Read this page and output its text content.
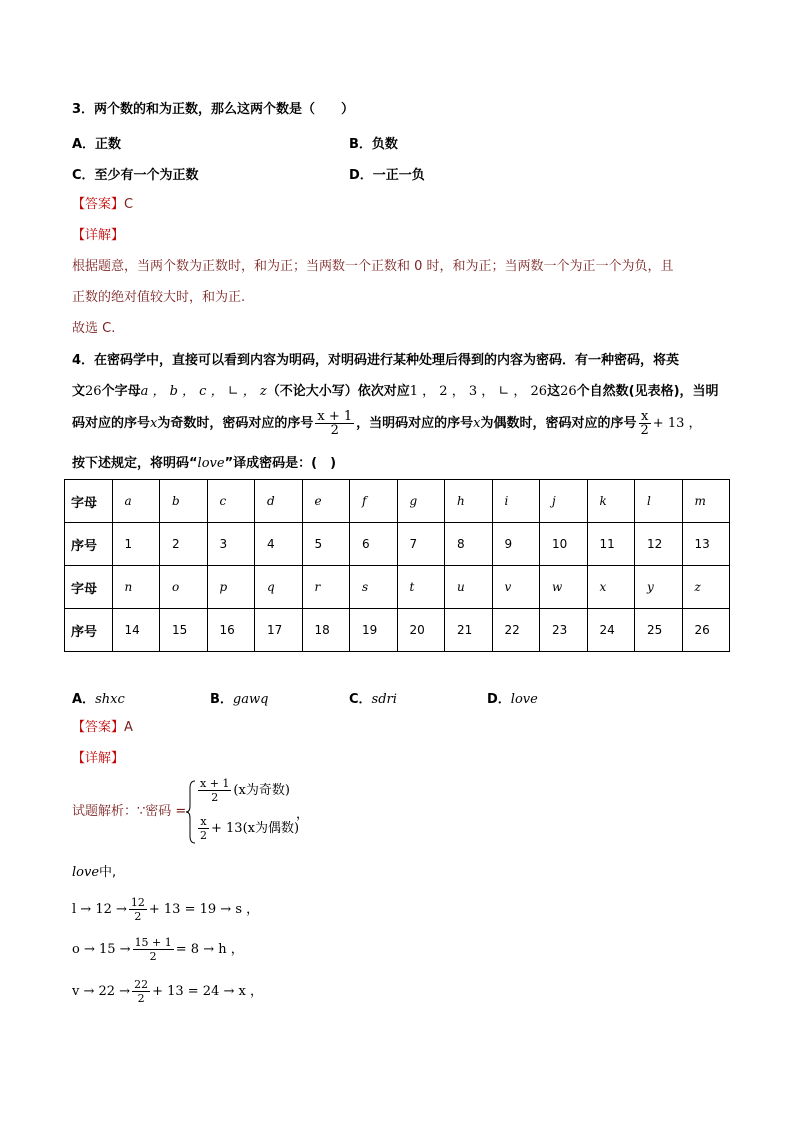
3．两个数的和为正数，那么这两个数是（　　）
A．正数	B．负数
C．至少有一个为正数	D．一正一负
【答案】C
【详解】
根据题意，当两个数为正数时，和为正；当两数一个正数和 0 时，和为正；当两数一个为正一个为负，且
正数的绝对值较大时，和为正.
故选 C.
4．在密码学中，直接可以看到内容为明码，对明码进行某种处理后得到的内容为密码．有一种密码，将英
文26个字母a ， b ， c ， ∟ ， z（不论大小写）依次对应1 ， 2 ， 3 ， ∟ ， 26这26个自然数(见表格)，当明
码对应的序号x为奇数时，密码对应的序号 $\frac{x + 1}{2}$ ，当明码对应的序号x为偶数时，密码对应的序号 $\frac{x}{2} + 13$ ，
按下述规定，将明码“love”译成密码是：(　)
字母	a	b	c	d	e	f	g	h	i	j	k	l	m
序号	1	2	3	4	5	6	7	8	9	10	11	12	13
字母	n	o	p	q	r	s	t	u	v	w	x	y	z
序号	14	15	16	17	18	19	20	21	22	23	24	25	26
A．shxc	B．gawq	C．sdri	D．love
【答案】A
【详解】
试题解析：∵密码 =
$\frac{x + 1}{2} (x$为奇数)
$\frac{x}{2} + 13(x$为偶数)
，
love中,
$l \to 12 \to \frac{12}{2} + 13 = 19 \to s$ ，
$o \to 15 \to \frac{15 + 1}{2} = 8 \to h$ ，
$v \to 22 \to \frac{22}{2} + 13 = 24 \to x$ ，
